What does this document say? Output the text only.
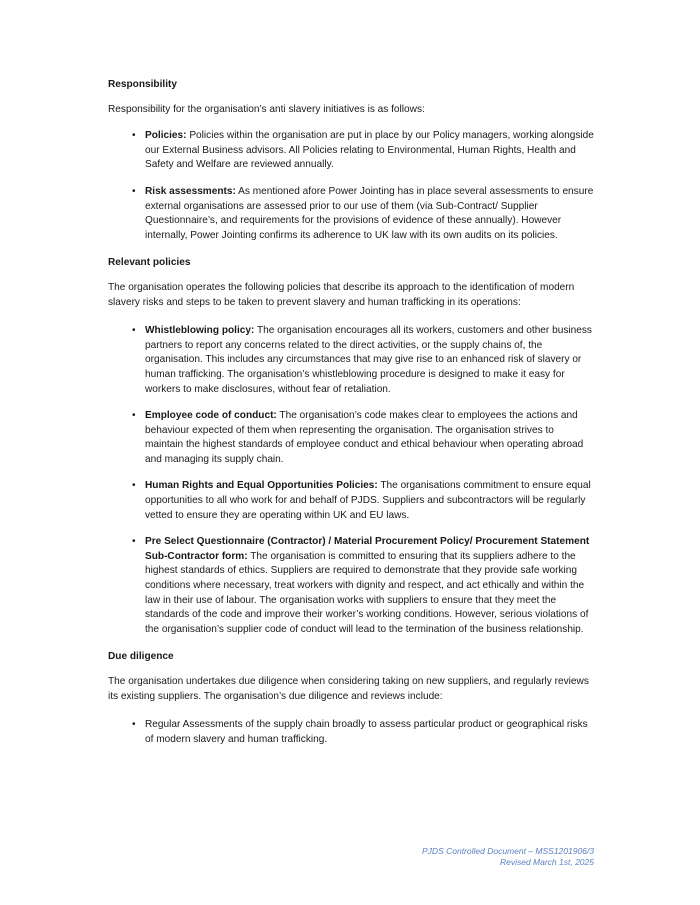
Responsibility

Responsibility for the organisation’s anti slavery initiatives is as follows:

• Policies: Policies within the organisation are put in place by our Policy managers, working alongside our External Business advisors. All Policies relating to Environmental, Human Rights, Health and Safety and Welfare are reviewed annually.
• Risk assessments: As mentioned afore Power Jointing has in place several assessments to ensure external organisations are assessed prior to our use of them (via Sub-Contract/ Supplier Questionnaire’s, and requirements for the provisions of evidence of these annually). However internally, Power Jointing confirms its adherence to UK law with its own audits on its policies.
Relevant policies

The organisation operates the following policies that describe its approach to the identification of modern slavery risks and steps to be taken to prevent slavery and human trafficking in its operations:

• Whistleblowing policy: The organisation encourages all its workers, customers and other business partners to report any concerns related to the direct activities, or the supply chains of, the organisation. This includes any circumstances that may give rise to an enhanced risk of slavery or human trafficking. The organisation’s whistleblowing procedure is designed to make it easy for workers to make disclosures, without fear of retaliation.
• Employee code of conduct: The organisation’s code makes clear to employees the actions and behaviour expected of them when representing the organisation. The organisation strives to maintain the highest standards of employee conduct and ethical behaviour when operating abroad and managing its supply chain.
• Human Rights and Equal Opportunities Policies: The organisations commitment to ensure equal opportunities to all who work for and behalf of PJDS. Suppliers and subcontractors will be regularly vetted to ensure they are operating within UK and EU laws.
• Pre Select Questionnaire (Contractor) / Material Procurement Policy/ Procurement Statement Sub-Contractor form: The organisation is committed to ensuring that its suppliers adhere to the highest standards of ethics. Suppliers are required to demonstrate that they provide safe working conditions where necessary, treat workers with dignity and respect, and act ethically and within the law in their use of labour. The organisation works with suppliers to ensure that they meet the standards of the code and improve their worker’s working conditions. However, serious violations of the organisation’s supplier code of conduct will lead to the termination of the business relationship.
Due diligence

The organisation undertakes due diligence when considering taking on new suppliers, and regularly reviews its existing suppliers. The organisation’s due diligence and reviews include:

• Regular Assessments of the supply chain broadly to assess particular product or geographical risks of modern slavery and human trafficking.
PJDS Controlled Document – MSS1201906/3
Revised March 1st, 2025
